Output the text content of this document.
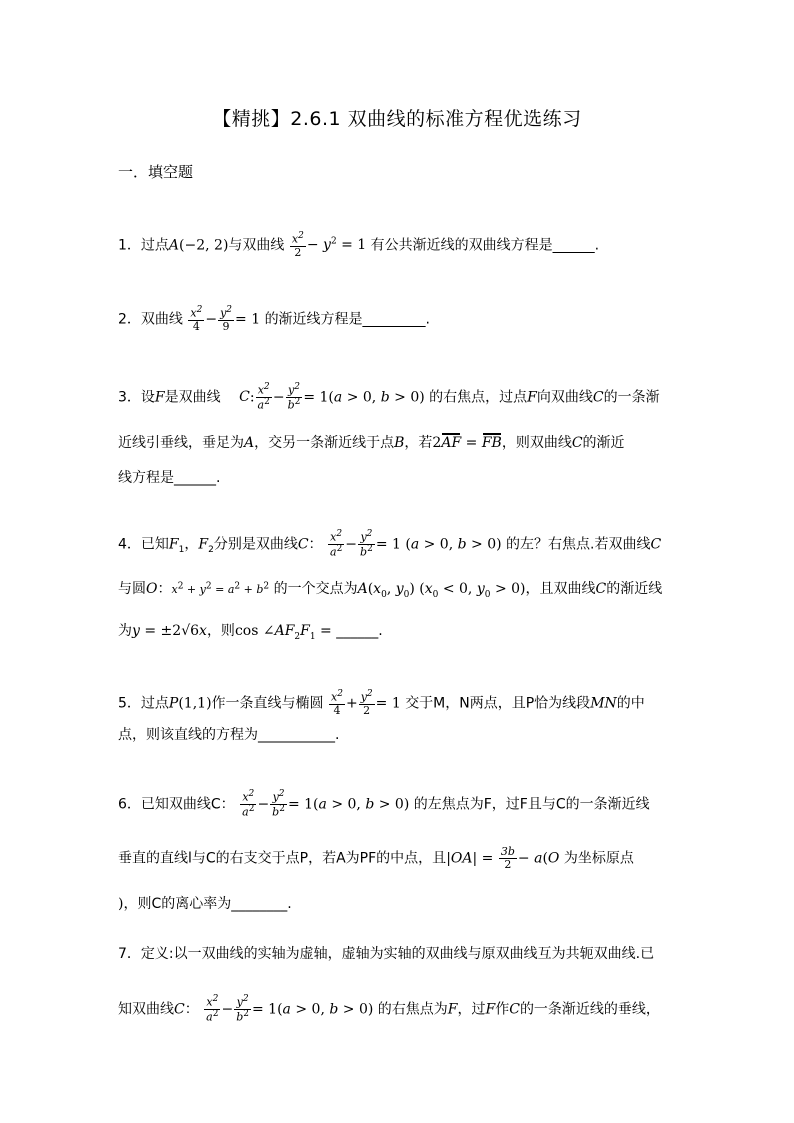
【精挑】2.6.1 双曲线的标准方程优选练习
一．填空题
1．过点A(−2, 2)与双曲线 $\frac{x^2}{2} - y^2 = 1$ 有公共渐近线的双曲线方程是______.
2．双曲线 $\frac{x^2}{4} - \frac{y^2}{9} = 1$ 的渐近线方程是_________.
3．设F是双曲线 C: $\frac{x^2}{a^2} - \frac{y^2}{b^2} = 1(a > 0$, b > 0) 的右焦点，过点F向双曲线C的一条渐
近线引垂线，垂足为A，交另一条渐近线于点B，若2AF = FB，则双曲线C的渐近
线方程是______.
4．已知$F_1$，$F_2$分别是双曲线C： $\frac{x^2}{a^2} - \frac{y^2}{b^2} = 1$ (a > 0, b > 0) 的左？右焦点.若双曲线C
与圆O：$x^2 + y^2 = a^2 + b^2$ 的一个交点为$A(x_0$, $y_0$) ($x_0 < 0$, $y_0 > 0$)，且双曲线C的渐近线
为y = ±2√6x，则$\cos \angle AF_2F_1$ = ______.
5．过点P(1,1)作一条直线与椭圆 $\frac{x^2}{4} + \frac{y^2}{2} = 1$ 交于M，N两点，且P恰为线段MN的中
点，则该直线的方程为___________.
6．已知双曲线C： $\frac{x^2}{a^2} - \frac{y^2}{b^2} = 1(a > 0$, b > 0) 的左焦点为F，过F且与C的一条渐近线
垂直的直线l与C的右支交于点P，若A为PF的中点，且$|OA| = \frac{3b}{2} - a(O$ 为坐标原点
)，则C的离心率为________.
7．定义:以一双曲线的实轴为虚轴，虚轴为实轴的双曲线与原双曲线互为共轭双曲线.已
知双曲线C： $\frac{x^2}{a^2} - \frac{y^2}{b^2} = 1(a > 0$, b > 0) 的右焦点为F，过F作C的一条渐近线的垂线，
